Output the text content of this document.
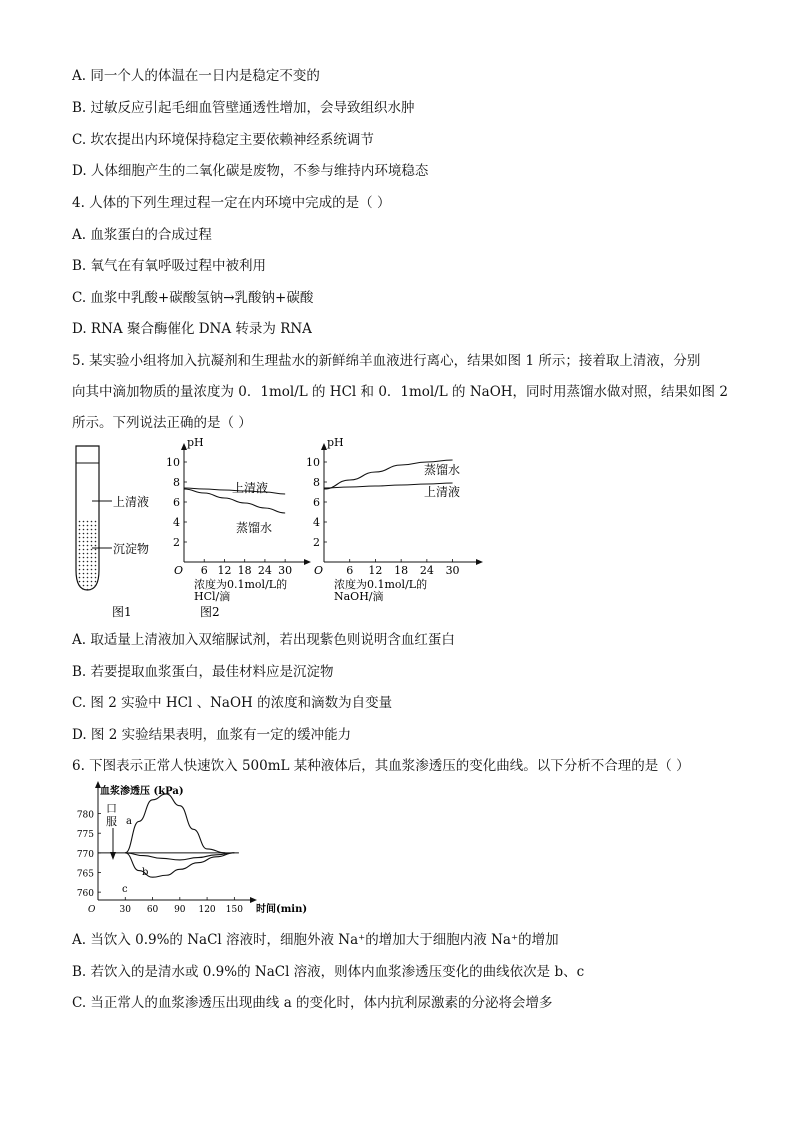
A. 同一个人的体温在一日内是稳定不变的
B. 过敏反应引起毛细血管壁通透性增加，会导致组织水肿
C. 坎农提出内环境保持稳定主要依赖神经系统调节
D. 人体细胞产生的二氧化碳是废物，不参与维持内环境稳态
4. 人体的下列生理过程一定在内环境中完成的是（ ）
A. 血浆蛋白的合成过程
B. 氧气在有氧呼吸过程中被利用
C. 血浆中乳酸+碳酸氢钠→乳酸钠+碳酸
D. RNA 聚合酶催化 DNA 转录为 RNA
5. 某实验小组将加入抗凝剂和生理盐水的新鲜绵羊血液进行离心，结果如图 1 所示；接着取上清液，分别
向其中滴加物质的量浓度为 0．1mol/L 的 HCl 和 0．1mol/L 的 NaOH，同时用蒸馏水做对照，结果如图 2
所示。下列说法正确的是（ ）
上清液
沉淀物
图1
O 6 12 18 24 30
2
4
6
8
10
pH
浓度为0.1mol/L的
HCl/滴
上清液
蒸馏水
图2
O 6 12 18 24 30
2
4
6
8
10
pH
浓度为0.1mol/L的
NaOH/滴
蒸馏水
上清液
A. 取适量上清液加入双缩脲试剂，若出现紫色则说明含血红蛋白
B. 若要提取血浆蛋白，最佳材料应是沉淀物
C. 图 2 实验中 HCl 、NaOH 的浓度和滴数为自变量
D. 图 2 实验结果表明，血浆有一定的缓冲能力
6. 下图表示正常人快速饮入 500mL 某种液体后，其血浆渗透压的变化曲线。以下分析不合理的是（ ）
O	30 60 90 120 150
760
765
770
775
780
血浆渗透压 (kPa)
时间(min)
a
b
c
口
服
A. 当饮入 0.9%的 NaCl 溶液时，细胞外液 Na⁺的增加大于细胞内液 Na⁺的增加
B. 若饮入的是清水或 0.9%的 NaCl 溶液，则体内血浆渗透压变化的曲线依次是 b、c
C. 当正常人的血浆渗透压出现曲线 a 的变化时，体内抗利尿激素的分泌将会增多
